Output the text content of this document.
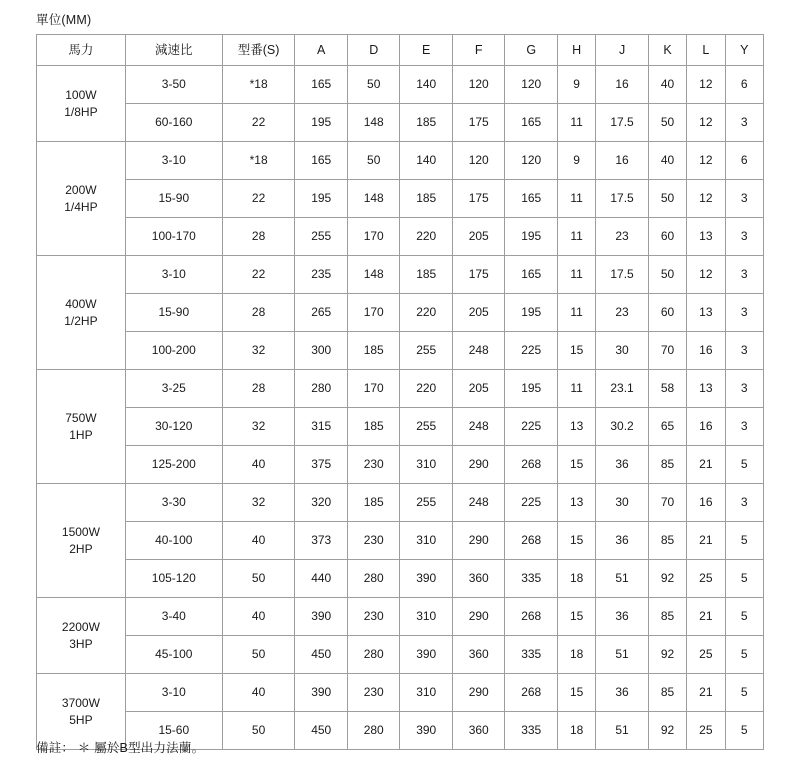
單位(MM)
馬力	減速比	型番(S)	A	D	E	F	G	H	J	K	L	Y

100W
1/8HP	3-50	*18	165	50	140	120	120	9	16	40	12	6
	60-160	22	195	148	185	175	165	11	17.5	50	12	3

200W
1/4HP	3-10	*18	165	50	140	120	120	9	16	40	12	6
	15-90	22	195	148	185	175	165	11	17.5	50	12	3
	100-170	28	255	170	220	205	195	11	23	60	13	3

400W
1/2HP	3-10	22	235	148	185	175	165	11	17.5	50	12	3
	15-90	28	265	170	220	205	195	11	23	60	13	3
	100-200	32	300	185	255	248	225	15	30	70	16	3

750W
1HP	3-25	28	280	170	220	205	195	11	23.1	58	13	3
	30-120	32	315	185	255	248	225	13	30.2	65	16	3
	125-200	40	375	230	310	290	268	15	36	85	21	5

1500W
2HP	3-30	32	320	185	255	248	225	13	30	70	16	3
	40-100	40	373	230	310	290	268	15	36	85	21	5
	105-120	50	440	280	390	360	335	18	51	92	25	5

2200W
3HP	3-40	40	390	230	310	290	268	15	36	85	21	5
	45-100	50	450	280	390	360	335	18	51	92	25	5

3700W
5HP	3-10	40	390	230	310	290	268	15	36	85	21	5
	15-60	50	450	280	390	360	335	18	51	92	25	5
備註： ＊ 屬於B型出力法蘭。
